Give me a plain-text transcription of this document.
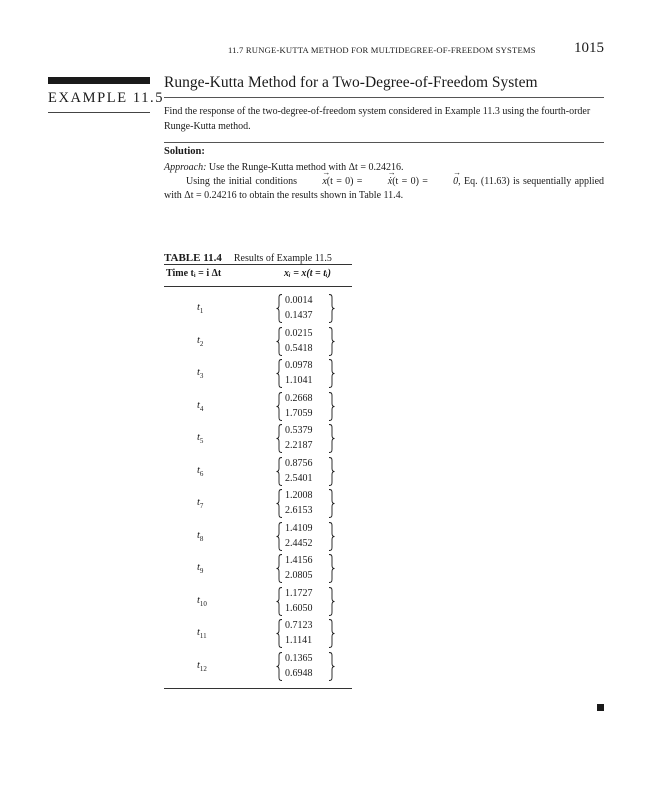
11.7 RUNGE-KUTTA METHOD FOR MULTIDEGREE-OF-FREEDOM SYSTEMS	1015
EXAMPLE 11.5
Runge-Kutta Method for a Two-Degree-of-Freedom System
Find the response of the two-degree-of-freedom system considered in Example 11.3 using the fourth-order Runge-Kutta method.
Solution:
Approach: Use the Runge-Kutta method with Δt = 0.24216.
Using the initial conditions x →(t = 0) = ẋ →(t = 0) = 0 →, Eq. (11.63) is sequentially applied with Δt = 0.24216 to obtain the results shown in Table 11.4.
TABLE 11.4 Results of Example 11.5
Time tᵢ = i Δt	xᵢ = x(t = tᵢ)
$t_1$
0.0014
0.1437
$t_2$
0.0215
0.5418
$t_3$
0.0978
1.1041
$t_4$
0.2668
1.7059
$t_5$
0.5379
2.2187
$t_6$
0.8756
2.5401
$t_7$
1.2008
2.6153
$t_8$
1.4109
2.4452
$t_9$
1.4156
2.0805
$t_{10}$
1.1727
1.6050
$t_{11}$
0.7123
1.1141
$t_{12}$
0.1365
0.6948
